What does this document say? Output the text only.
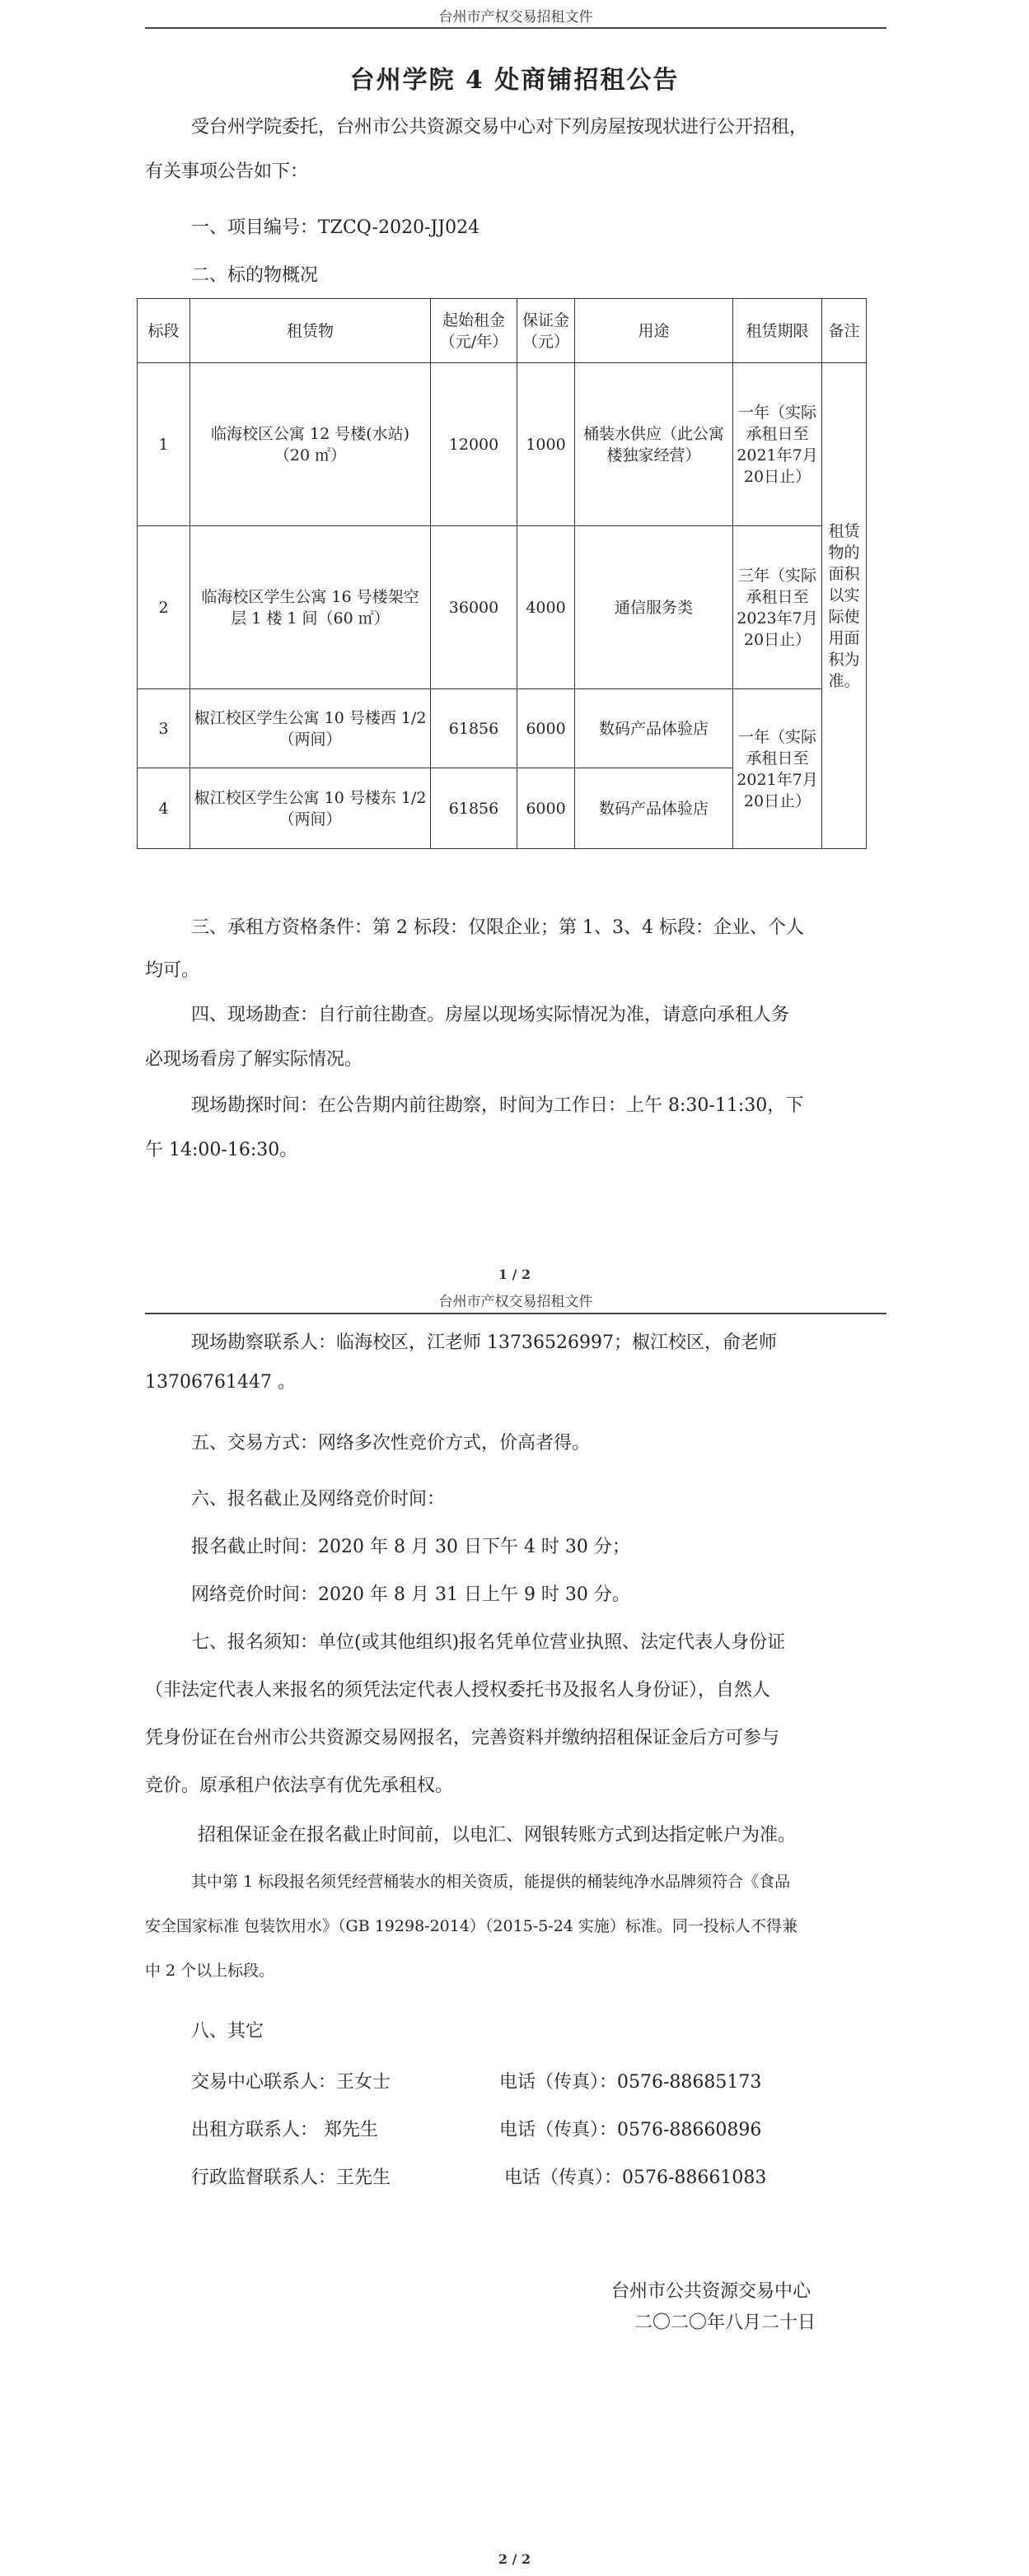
台州市产权交易招租文件
台州学院 4 处商铺招租公告
受台州学院委托，台州市公共资源交易中心对下列房屋按现状进行公开招租，
有关事项公告如下：
一、项目编号：TZCQ-2020-JJ024
二、标的物概况
标段	租赁物	起始租金（元/年）	保证金（元）	用途	租赁期限	备注
1	临海校区公寓 12 号楼(水站)（20 ㎡）	12000	1000	桶装水供应（此公寓楼独家经营）	一年（实际承租日至2021年7月20日止）	租赁物的面积以实际使用面积为准。
2	临海校区学生公寓 16 号楼架空层 1 楼 1 间（60 ㎡）	36000	4000	通信服务类	三年（实际承租日至2023年7月20日止）	
3	椒江校区学生公寓 10 号楼西 1/2（两间）	61856	6000	数码产品体验店	一年（实际承租日至2021年7月20日止）	
4	椒江校区学生公寓 10 号楼东 1/2（两间）	61856	6000	数码产品体验店		
三、承租方资格条件：第 2 标段：仅限企业；第 1、3、4 标段：企业、个人
均可。
四、现场勘查：自行前往勘查。房屋以现场实际情况为准，请意向承租人务
必现场看房了解实际情况。
现场勘探时间：在公告期内前往勘察，时间为工作日：上午 8:30-11:30，下
午 14:00-16:30。
1 / 2
台州市产权交易招租文件
现场勘察联系人：临海校区，江老师 13736526997；椒江校区，俞老师
13706761447 。
五、交易方式：网络多次性竞价方式，价高者得。
六、报名截止及网络竞价时间：
报名截止时间：2020 年 8 月 30 日下午 4 时 30 分；
网络竞价时间：2020 年 8 月 31 日上午 9 时 30 分。
七、报名须知：单位(或其他组织)报名凭单位营业执照、法定代表人身份证
（非法定代表人来报名的须凭法定代表人授权委托书及报名人身份证），自然人
凭身份证在台州市公共资源交易网报名，完善资料并缴纳招租保证金后方可参与
竞价。原承租户依法享有优先承租权。
招租保证金在报名截止时间前，以电汇、网银转账方式到达指定帐户为准。
其中第 1 标段报名须凭经营桶装水的相关资质，能提供的桶装纯净水品牌须符合《食品
安全国家标准 包装饮用水》（GB 19298-2014）（2015-5-24 实施）标准。同一投标人不得兼
中 2 个以上标段。
八、其它
交易中心联系人：王女士	电话（传真）：0576-88685173
出租方联系人： 郑先生	电话（传真）：0576-88660896
行政监督联系人：王先生	电话（传真）：0576-88661083
台州市公共资源交易中心
二〇二〇年八月二十日
2 / 2
